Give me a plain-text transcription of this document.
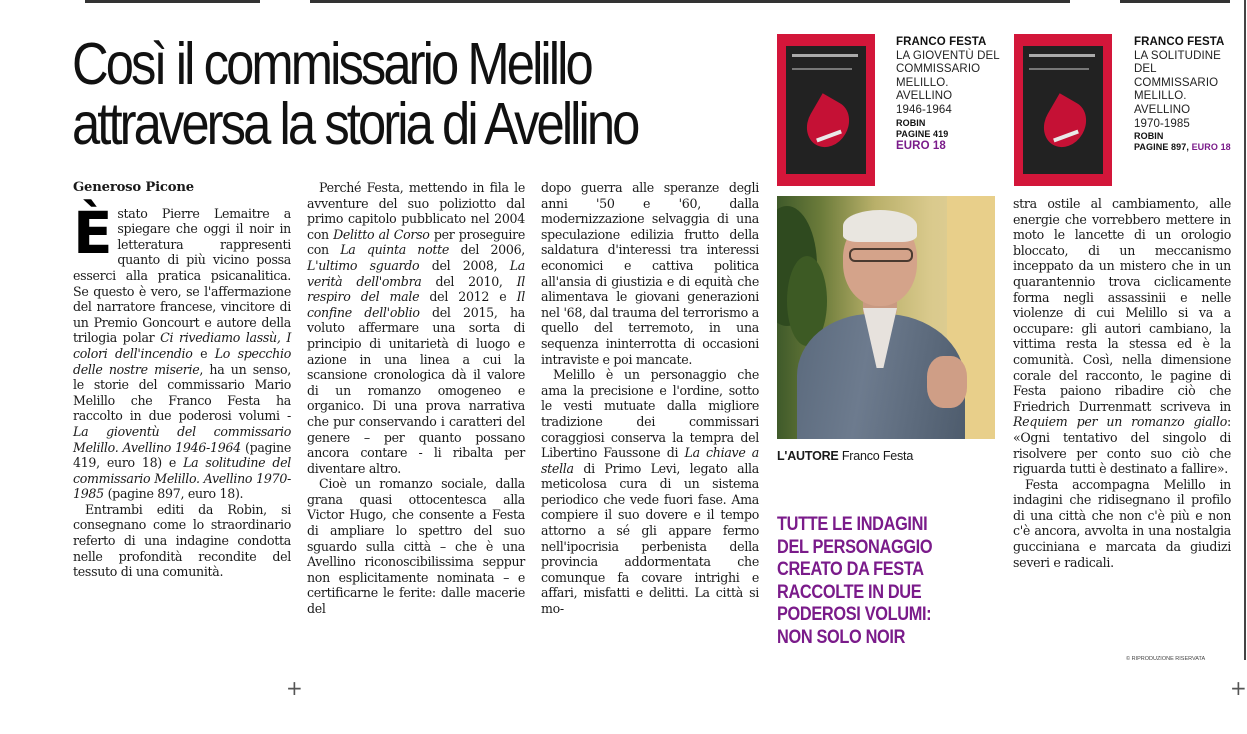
Così il commissario Melillo
attraversa la storia di Avellino
Generoso Picone

Èstato Pierre Lemaitre a spiegare che oggi il noir in letteratura rappresenti quanto di più vicino possa esserci alla pratica psicanalitica. Se questo è vero, se l'affermazione del narratore francese, vincitore di un Premio Goncourt e autore della trilogia polar Ci rivediamo lassù, I colori dell'incendio e Lo specchio delle nostre miserie, ha un senso, le storie del commissario Mario Melillo che Franco Festa ha raccolto in due poderosi volumi - La gioventù del commissario Melillo. Avellino 1946-1964 (pagine 419, euro 18) e La solitudine del commissario Melillo. Avellino 1970-1985 (pagine 897, euro 18).

Entrambi editi da Robin, si consegnano come lo straordinario referto di una indagine condotta nelle profondità recondite del tessuto di una comunità.

Perché Festa, mettendo in fila le avventure del suo poliziotto dal primo capitolo pubblicato nel 2004 con Delitto al Corso per proseguire con La quinta notte del 2006, L'ultimo sguardo del 2008, La verità dell'ombra del 2010, Il respiro del male del 2012 e Il confine dell'oblio del 2015, ha voluto affermare una sorta di principio di unitarietà di luogo e azione in una linea a cui la scansione cronologica dà il valore di un romanzo omogeneo e organico. Di una prova narrativa che pur conservando i caratteri del genere – per quanto possano ancora contare - li ribalta per diventare altro.

Cioè un romanzo sociale, dalla grana quasi ottocentesca alla Victor Hugo, che consente a Festa di ampliare lo spettro del suo sguardo sulla città – che è una Avellino riconoscibilissima seppur non esplicitamente nominata – e certificarne le ferite: dalle macerie del

dopo guerra alle speranze degli anni '50 e '60, dalla modernizzazione selvaggia di una speculazione edilizia frutto della saldatura d'interessi tra interessi economici e cattiva politica all'ansia di giustizia e di equità che alimentava le giovani generazioni nel '68, dal trauma del terrorismo a quello del terremoto, in una sequenza ininterrotta di occasioni intraviste e poi mancate.

Melillo è un personaggio che ama la precisione e l'ordine, sotto le vesti mutuate dalla migliore tradizione dei commissari coraggiosi conserva la tempra del Libertino Faussone di La chiave a stella di Primo Levi, legato alla meticolosa cura di un sistema periodico che vede fuori fase. Ama compiere il suo dovere e il tempo attorno a sé gli appare fermo nell'ipocrisia perbenista della provincia addormentata che comunque fa covare intrighi e affari, misfatti e delitti. La città si mo-

stra ostile al cambiamento, alle energie che vorrebbero mettere in moto le lancette di un orologio bloccato, di un meccanismo inceppato da un mistero che in un quarantennio trova ciclicamente forma negli assassinii e nelle violenze di cui Melillo si va a occupare: gli autori cambiano, la vittima resta la stessa ed è la comunità. Così, nella dimensione corale del racconto, le pagine di Festa paiono ribadire ciò che Friedrich Durrenmatt scriveva in Requiem per un romanzo giallo: «Ogni tentativo del singolo di risolvere per conto suo ciò che riguarda tutti è destinato a fallire».

Festa accompagna Melillo in indagini che ridisegnano il profilo di una città che non c'è più e non c'è ancora, avvolta in una nostalgia gucciniana e marcata da giudizi severi e radicali.

FRANCO FESTA
LA GIOVENTÙ DEL
COMMISSARIO
MELILLO.
AVELLINO
1946-1964
ROBIN
PAGINE 419
EURO 18
FRANCO FESTA
LA SOLITUDINE
DEL
COMMISSARIO
MELILLO.
AVELLINO
1970-1985
ROBIN
PAGINE 897, EURO 18
L'AUTORE Franco Festa
TUTTE LE INDAGINI
DEL PERSONAGGIO
CREATO DA FESTA
RACCOLTE IN DUE
PODEROSI VOLUMI:
NON SOLO NOIR
© RIPRODUZIONE RISERVATA
+	+
